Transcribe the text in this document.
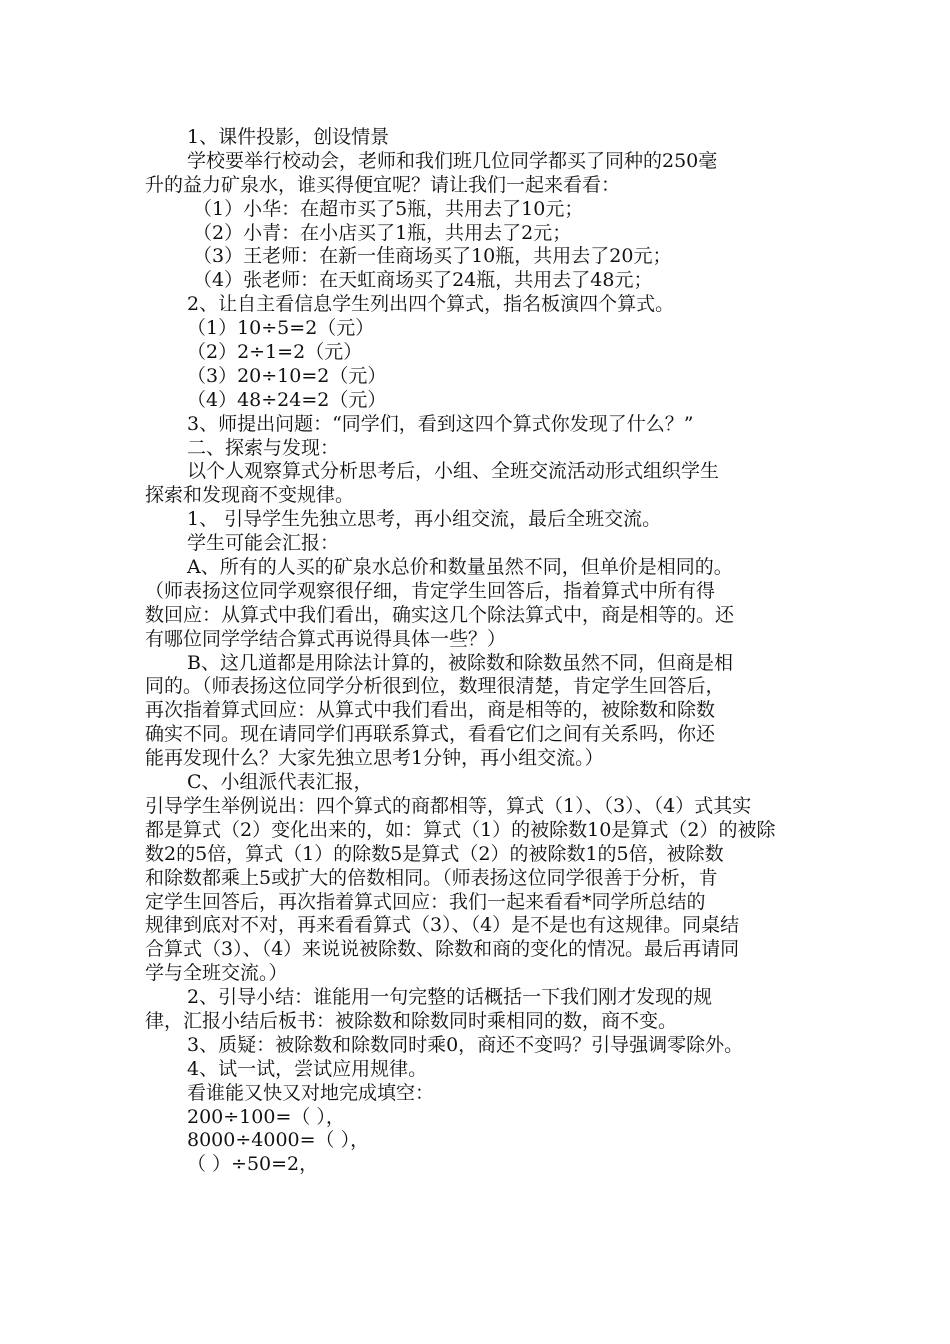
1、课件投影，创设情景
学校要举行校动会，老师和我们班几位同学都买了同种的250毫
升的益力矿泉水，谁买得便宜呢？请让我们一起来看看：
（1）小华：在超市买了5瓶，共用去了10元；
（2）小青：在小店买了1瓶，共用去了2元；
（3）王老师：在新一佳商场买了10瓶，共用去了20元；
（4）张老师：在天虹商场买了24瓶，共用去了48元；
2、让自主看信息学生列出四个算式，指名板演四个算式。
（1）10÷5=2（元）
（2）2÷1=2（元）
（3）20÷10=2（元）
（4）48÷24=2（元）
3、师提出问题：“同学们，看到这四个算式你发现了什么？”
二、探索与发现：
以个人观察算式分析思考后，小组、全班交流活动形式组织学生
探索和发现商不变规律。
1、 引导学生先独立思考，再小组交流，最后全班交流。
学生可能会汇报：
A、所有的人买的矿泉水总价和数量虽然不同，但单价是相同的。
（师表扬这位同学观察很仔细，肯定学生回答后，指着算式中所有得
数回应：从算式中我们看出，确实这几个除法算式中，商是相等的。还
有哪位同学学结合算式再说得具体一些？）
B、这几道都是用除法计算的，被除数和除数虽然不同，但商是相
同的。（师表扬这位同学分析很到位，数理很清楚，肯定学生回答后，
再次指着算式回应：从算式中我们看出，商是相等的，被除数和除数
确实不同。现在请同学们再联系算式，看看它们之间有关系吗，你还
能再发现什么？大家先独立思考1分钟，再小组交流。）
C、小组派代表汇报，
引导学生举例说出：四个算式的商都相等，算式（1）、（3）、（4）式其实
都是算式（2）变化出来的，如：算式（1）的被除数10是算式（2）的被除
数2的5倍，算式（1）的除数5是算式（2）的被除数1的5倍，被除数
和除数都乘上5或扩大的倍数相同。（师表扬这位同学很善于分析，肯
定学生回答后，再次指着算式回应：我们一起来看看*同学所总结的
规律到底对不对，再来看看算式（3）、（4）是不是也有这规律。同桌结
合算式（3）、（4）来说说被除数、除数和商的变化的情况。最后再请同
学与全班交流。）
2、引导小结：谁能用一句完整的话概括一下我们刚才发现的规
律，汇报小结后板书：被除数和除数同时乘相同的数，商不变。
3、质疑：被除数和除数同时乘0，商还不变吗？引导强调零除外。
4、试一试，尝试应用规律。
看谁能又快又对地完成填空：
200÷100=（ ），
8000÷4000=（ ），
（ ）÷50=2，
